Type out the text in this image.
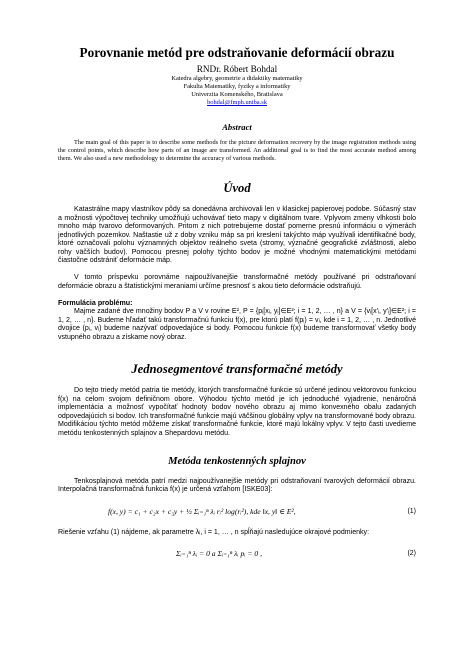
Porovnanie metód pre odstraňovanie deformácií obrazu
RNDr. Róbert Bohdal
Katedra algebry, geometrie a didaktiky matematiky
Fakulta Matematiky, fyziky a informatiky
Univerzita Komenského, Bratislava
bohdal@fmph.uniba.sk
Abstract
The main goal of this paper is to describe some methods for the picture deformation recovery by the image registration methods using the control points, which describe how parts of an image are transformed. An additional goal is to find the most accurate method among them. We also used a new methodology to determine the accuracy of various methods.
Úvod

Katastrálne mapy vlastníkov pôdy sa donedávna archivovali len v klasickej papierovej podobe. Súčasný stav a možnosti výpočtovej techniky umožňujú uchovávať tieto mapy v digitálnom tvare. Vplyvom zmeny vlhkosti bolo mnoho máp tvarovo deformovaných. Pritom z nich potrebujeme dostať pomerne presnú informáciu o výmerách jednotlivých pozemkov. Naštastie už z doby vzniku máp sa pri kreslení takýchto máp využívali identifikačné body, ktoré označovali polohu významných objektov reálneho sveta (stromy, význačné geografické zvláštnosti, alebo rohy väčších budov). Pomocou presnej polohy týchto bodov je možné vhodnými matematickými metódami čiastočne odstrániť deformácie máp.

V tomto príspevku porovnáme najpoužívanejšie transformačné metódy používané pri odstraňovaní deformácie obrazu a štatistickými meraniami určíme presnosť s akou tieto deformácie odstraňujú.

Formulácia problému:

Majme zadané dve množiny bodov P a V v rovine E², P = {pᵢ[xᵢ, yᵢ]∈E²; i = 1, 2, … , n} a V = {vᵢ[x′ᵢ, y′ᵢ]∈E²; i = 1, 2, … , n}. Budeme hľadať takú transformačnú funkciu f(x), pre ktorú platí f(pᵢ) = vᵢ, kde i = 1, 2, … , n. Jednotlivé dvojice (pᵢ, vᵢ) budeme nazývať odpovedajúce si body. Pomocou funkcie f(x) budeme transformovať všetky body vstupného obrazu a získame nový obraz.

Jednosegmentové transformačné metódy

Do tejto triedy metód patria tie metódy, ktorých transformačné funkcie sú určené jedinou vektorovou funkciou f(x) na celom svojom definičnom obore. Výhodou týchto metód je ich jednoduché vyjadrenie, nenáročná implementácia a možnosť vypočítať hodnoty bodov nového obrazu aj mimo konvexného obalu zadaných odpovedajúcich si bodov. Ich transformačné funkcie majú väčšinou globálny vplyv na transformované body obrazu. Modifikáciou týchto metód môžeme získať transformačné funkcie, ktoré majú lokálny vplyv. V tejto časti uvedieme metódu tenkostenných splajnov a Shepardovu metódu.

Metóda tenkostenných splajnov

Tenkosplajnová metóda patrí medzi najpoužívanejšie metódy pri odstraňovaní tvarových deformácií obrazu. Interpolačná transformačná funkcia f(x) je určená vzťahom [ISKE03]:

f(x, y) = c₁ + c₂x + c₃y + ½ Σᵢ₌₁ⁿ λᵢ rᵢ² log(rᵢ²), kde ‖x, y‖ ∈ E²,	(1)

Riešenie vzťahu (1) nájdeme, ak parametre λᵢ, i = 1, … , n spĺňajú nasledujúce okrajové podmienky:

Σᵢ₌₁ⁿ λᵢ = 0 a Σᵢ₌₁ⁿ λᵢ pᵢ = 0 ,	(2)
